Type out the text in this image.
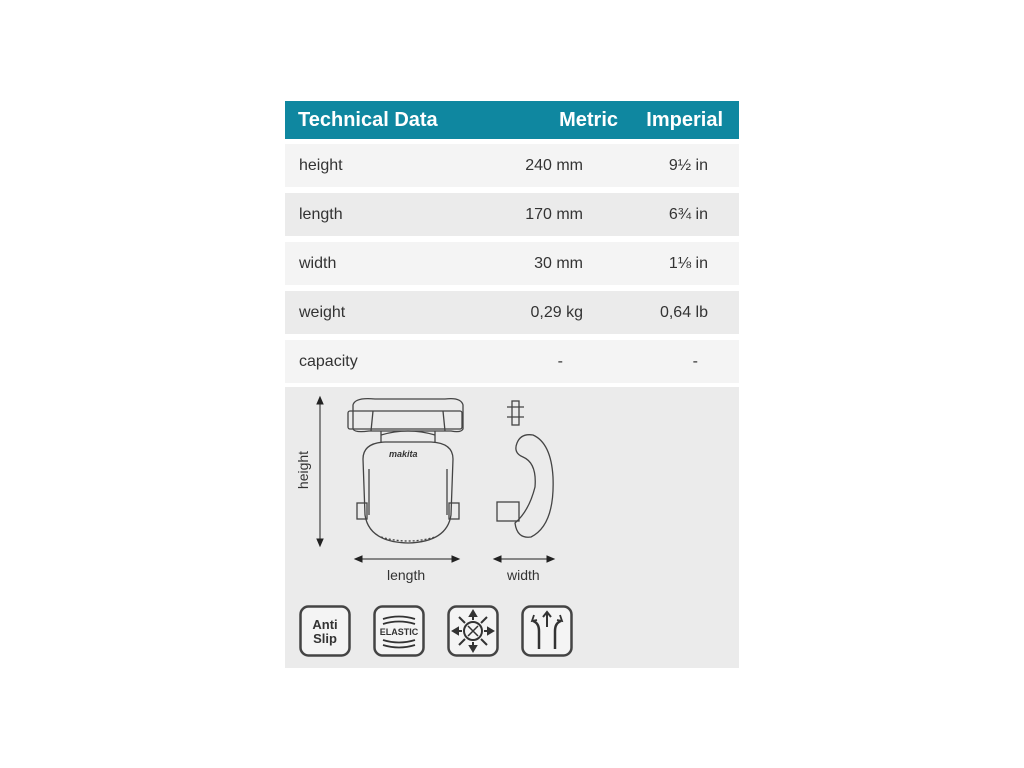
Technical Data	Metric	Imperial
height	240 mm	9½ in
length	170 mm	6¾ in
width	30 mm	1⅛ in
weight	0,29 kg	0,64 lb
capacity	-	-
makita
height
length	width
Anti
Slip	ELASTIC
